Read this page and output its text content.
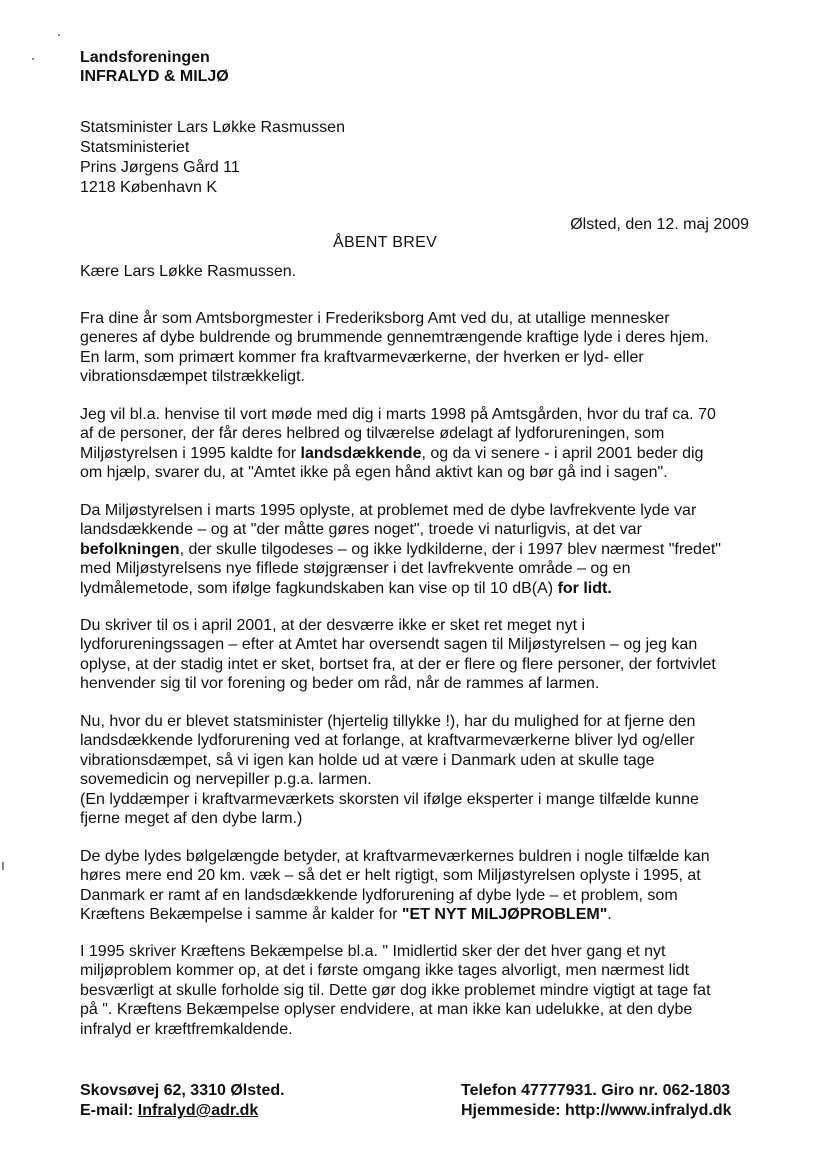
Landsforeningen
INFRALYD & MILJØ
Statsminister Lars Løkke Rasmussen
Statsministeriet
Prins Jørgens Gård 11
1218 København K
Ølsted, den 12. maj 2009
ÅBENT BREV
Kære Lars Løkke Rasmussen.
Fra dine år som Amtsborgmester i Frederiksborg Amt ved du, at utallige mennesker
generes af dybe buldrende og brummende gennemtrængende kraftige lyde i deres hjem.
En larm, som primært kommer fra kraftvarmeværkerne, der hverken er lyd- eller
vibrationsdæmpet tilstrækkeligt.
Jeg vil bl.a. henvise til vort møde med dig i marts 1998 på Amtsgården, hvor du traf ca. 70
af de personer, der får deres helbred og tilværelse ødelagt af lydforureningen, som
Miljøstyrelsen i 1995 kaldte for landsdækkende, og da vi senere - i april 2001 beder dig
om hjælp, svarer du, at "Amtet ikke på egen hånd aktivt kan og bør gå ind i sagen".
Da Miljøstyrelsen i marts 1995 oplyste, at problemet med de dybe lavfrekvente lyde var
landsdækkende – og at "der måtte gøres noget", troede vi naturligvis, at det var
befolkningen, der skulle tilgodeses – og ikke lydkilderne, der i 1997 blev nærmest "fredet"
med Miljøstyrelsens nye fiflede støjgrænser i det lavfrekvente område – og en
lydmålemetode, som ifølge fagkundskaben kan vise op til 10 dB(A) for lidt.
Du skriver til os i april 2001, at der desværre ikke er sket ret meget nyt i
lydforureningssagen – efter at Amtet har oversendt sagen til Miljøstyrelsen – og jeg kan
oplyse, at der stadig intet er sket, bortset fra, at der er flere og flere personer, der fortvivlet
henvender sig til vor forening og beder om råd, når de rammes af larmen.
Nu, hvor du er blevet statsminister (hjertelig tillykke !), har du mulighed for at fjerne den
landsdækkende lydforurening ved at forlange, at kraftvarmeværkerne bliver lyd og/eller
vibrationsdæmpet, så vi igen kan holde ud at være i Danmark uden at skulle tage
sovemedicin og nervepiller p.g.a. larmen.
(En lyddæmper i kraftvarmeværkets skorsten vil ifølge eksperter i mange tilfælde kunne
fjerne meget af den dybe larm.)
De dybe lydes bølgelængde betyder, at kraftvarmeværkernes buldren i nogle tilfælde kan
høres mere end 20 km. væk – så det er helt rigtigt, som Miljøstyrelsen oplyste i 1995, at
Danmark er ramt af en landsdækkende lydforurening af dybe lyde – et problem, som
Kræftens Bekæmpelse i samme år kalder for "ET NYT MILJØPROBLEM".
I 1995 skriver Kræftens Bekæmpelse bl.a. " Imidlertid sker der det hver gang et nyt
miljøproblem kommer op, at det i første omgang ikke tages alvorligt, men nærmest lidt
besværligt at skulle forholde sig til. Dette gør dog ikke problemet mindre vigtigt at tage fat
på ". Kræftens Bekæmpelse oplyser endvidere, at man ikke kan udelukke, at den dybe
infralyd er kræftfremkaldende.
Skovsøvej 62, 3310 Ølsted.
E-mail: Infralyd@adr.dk
Telefon 47777931. Giro nr. 062-1803
Hjemmeside: http://www.infralyd.dk
